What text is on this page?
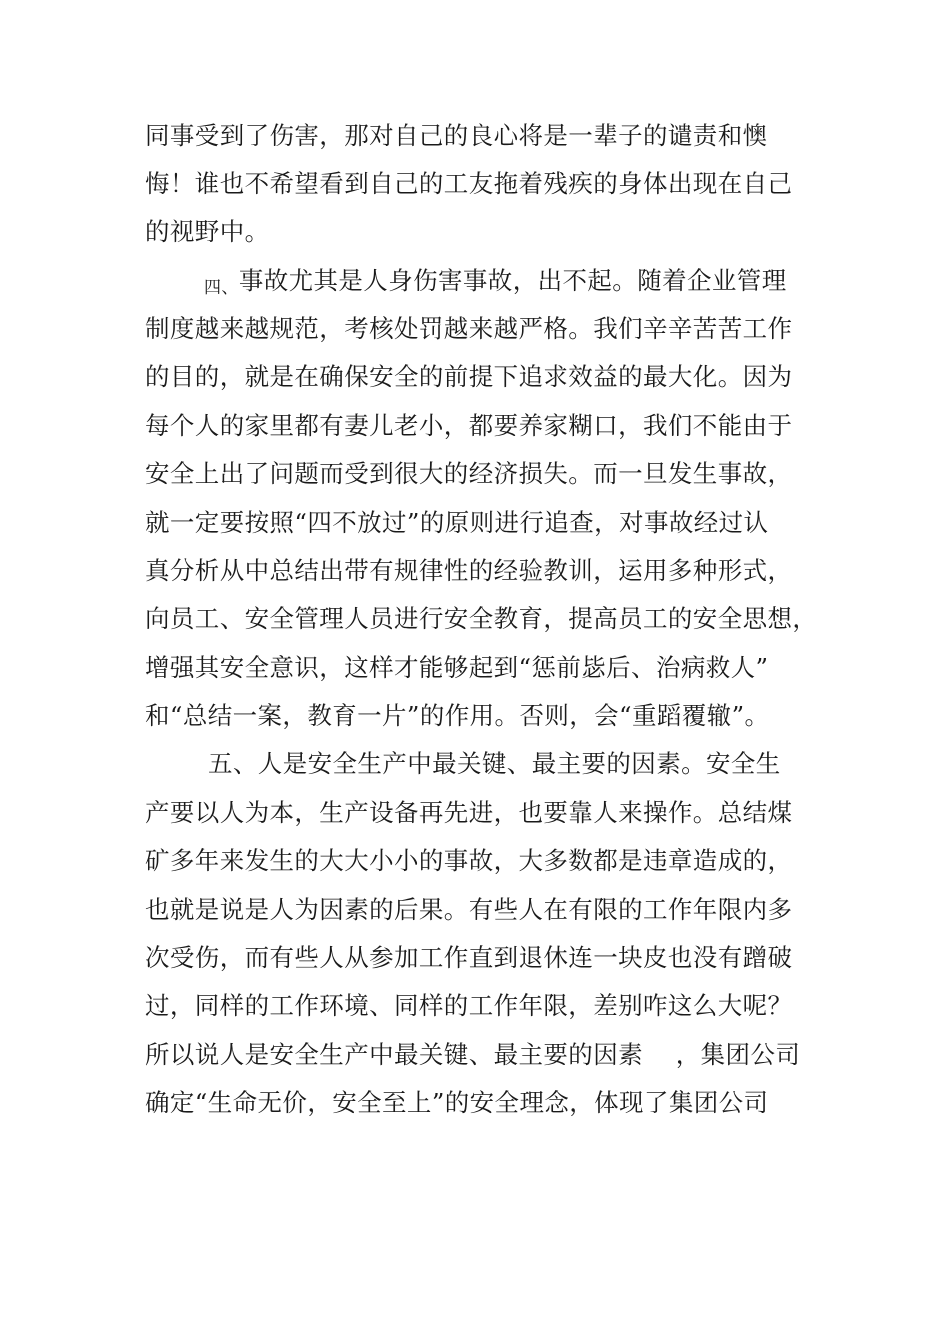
同事受到了伤害，那对自己的良心将是一辈子的谴责和懊
悔！谁也不希望看到自己的工友拖着残疾的身体出现在自己
的视野中。
四、事故尤其是人身伤害事故，出不起。随着企业管理
制度越来越规范，考核处罚越来越严格。我们辛辛苦苦工作
的目的，就是在确保安全的前提下追求效益的最大化。因为
每个人的家里都有妻儿老小，都要养家糊口，我们不能由于
安全上出了问题而受到很大的经济损失。而一旦发生事故，
就一定要按照“四不放过”的原则进行追查，对事故经过认
真分析从中总结出带有规律性的经验教训，运用多种形式，
向员工、安全管理人员进行安全教育，提高员工的安全思想，
增强其安全意识，这样才能够起到“惩前毖后、治病救人”
和“总结一案，教育一片”的作用。否则，会“重蹈覆辙”。
五、人是安全生产中最关键、最主要的因素。安全生
产要以人为本，生产设备再先进，也要靠人来操作。总结煤
矿多年来发生的大大小小的事故，大多数都是违章造成的，
也就是说是人为因素的后果。有些人在有限的工作年限内多
次受伤，而有些人从参加工作直到退休连一块皮也没有蹭破
过，同样的工作环境、同样的工作年限，差别咋这么大呢？
所以说人是安全生产中最关键、最主要的因素    ，集团公司
确定“生命无价，安全至上”的安全理念，体现了集团公司
